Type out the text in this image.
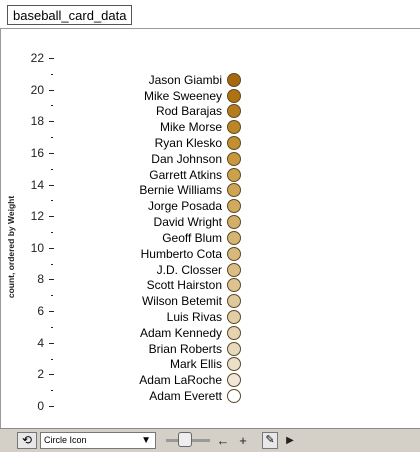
baseball_card_data
count, ordered by Weight
22
20
18
16
14
12
10
8
6
4
2
0
Jason Giambi
Mike Sweeney
Rod Barajas
Mike Morse
Ryan Klesko
Dan Johnson
Garrett Atkins
Bernie Williams
Jorge Posada
David Wright
Geoff Blum
Humberto Cota
J.D. Closser
Scott Hairston
Wilson Betemit
Luis Rivas
Adam Kennedy
Brian Roberts
Mark Ellis
Adam LaRoche
Adam Everett
⟲	Circle Icon	▼	← +	✎	▶
